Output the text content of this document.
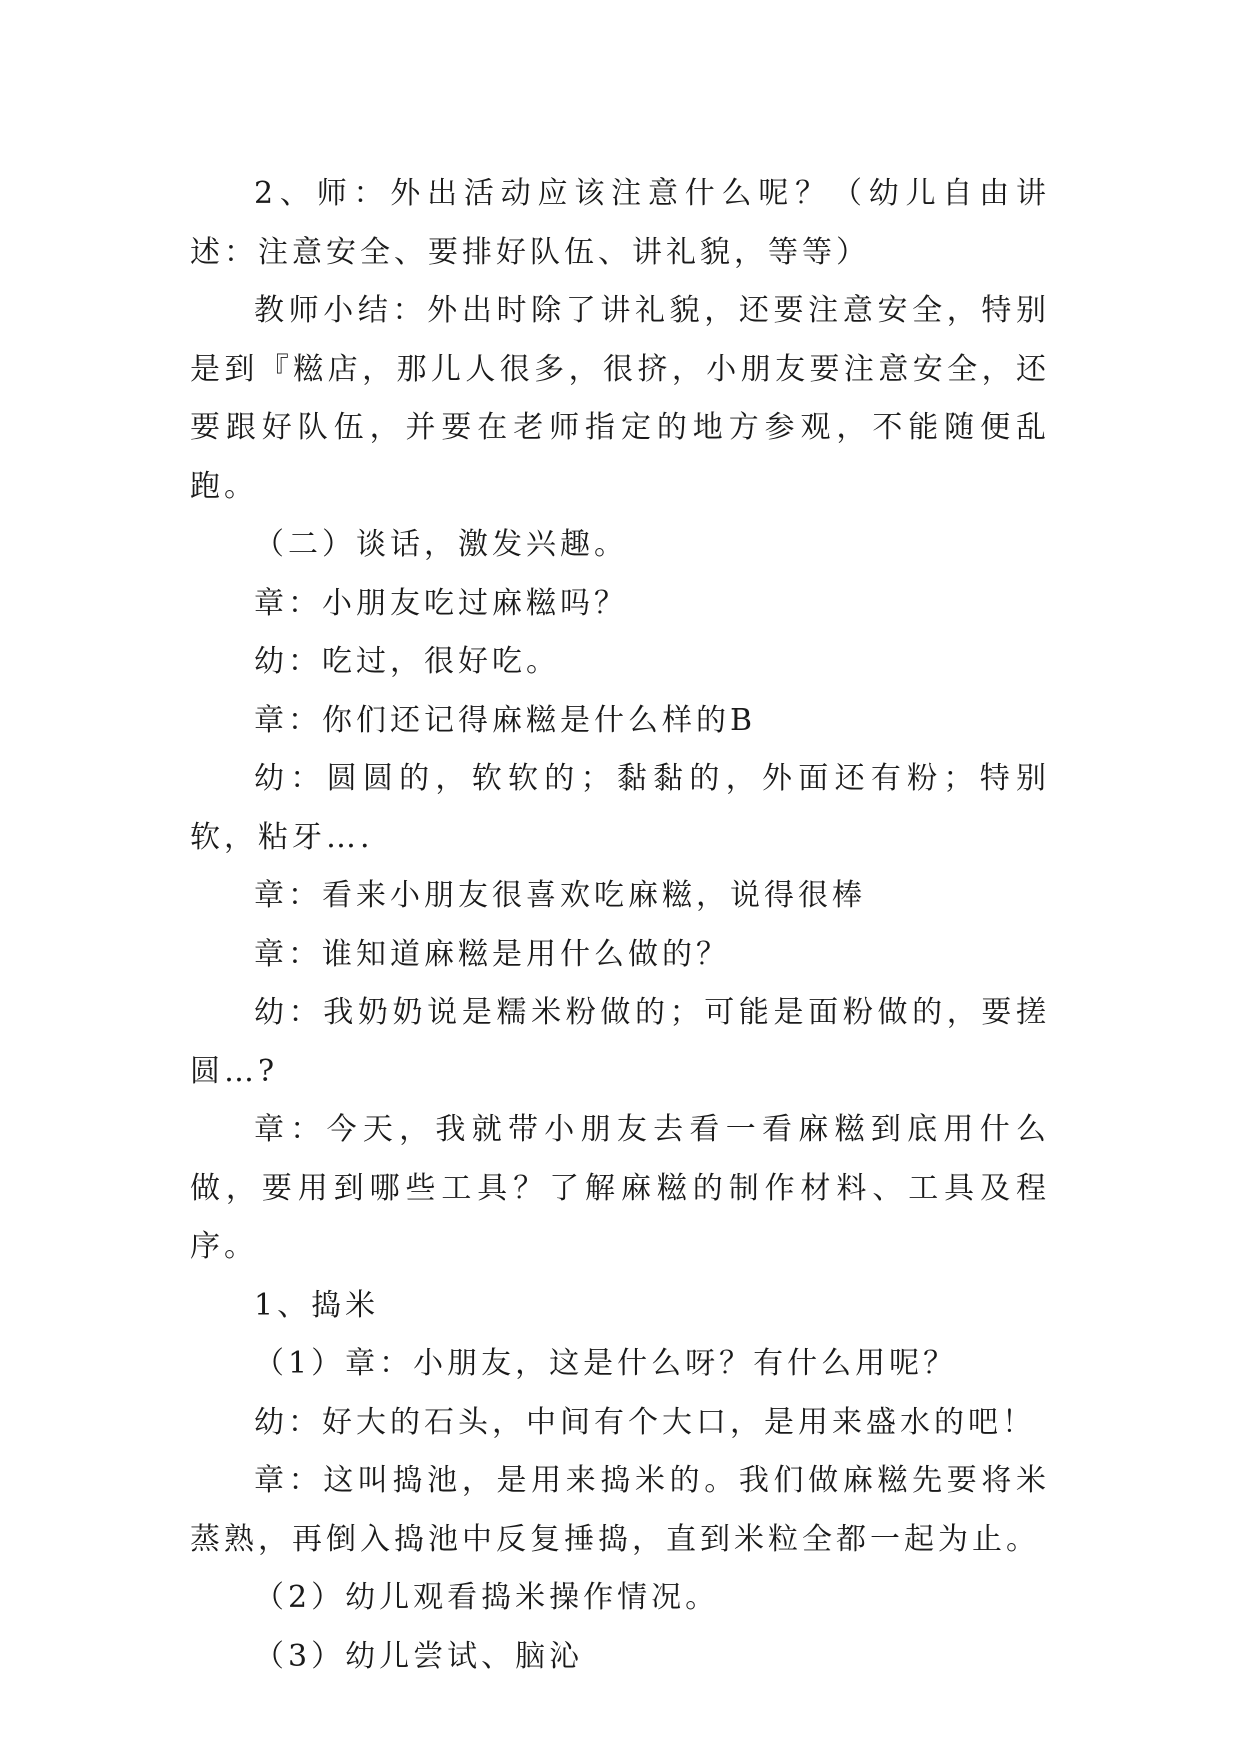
2、师：外出活动应该注意什么呢？（幼儿自由讲述：注意安全、要排好队伍、讲礼貌，等等）

教师小结：外出时除了讲礼貌，还要注意安全，特别是到『糍店，那儿人很多，很挤，小朋友要注意安全，还要跟好队伍，并要在老师指定的地方参观，不能随便乱跑。

（二）谈话，激发兴趣。

章：小朋友吃过麻糍吗？

幼：吃过，很好吃。

章：你们还记得麻糍是什么样的B

幼：圆圆的，软软的；黏黏的，外面还有粉；特别软，粘牙….

章：看来小朋友很喜欢吃麻糍，说得很棒

章：谁知道麻糍是用什么做的？

幼：我奶奶说是糯米粉做的；可能是面粉做的，要搓圆…?

章：今天，我就带小朋友去看一看麻糍到底用什么做，要用到哪些工具？了解麻糍的制作材料、工具及程序。

1、捣米

（1）章：小朋友，这是什么呀？有什么用呢？

幼：好大的石头，中间有个大口，是用来盛水的吧！

章：这叫捣池，是用来捣米的。我们做麻糍先要将米蒸熟，再倒入捣池中反复捶捣，直到米粒全都一起为止。

（2）幼儿观看捣米操作情况。

（3）幼儿尝试、脑沁
